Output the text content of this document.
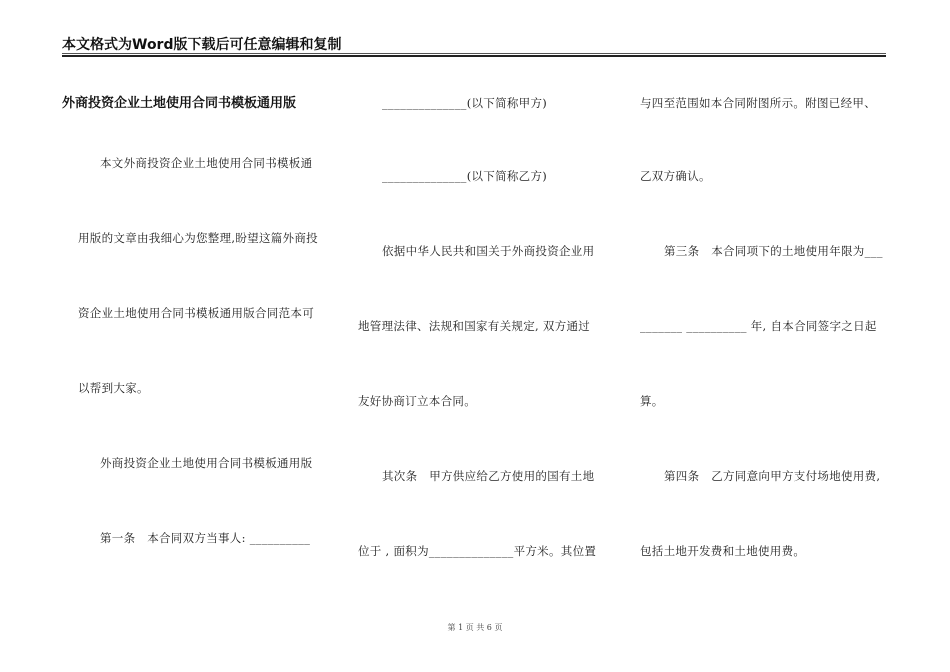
本文格式为Word版下载后可任意编辑和复制
外商投资企业土地使用合同书模板通用版
本文外商投资企业土地使用合同书模板通
用版的文章由我细心为您整理,盼望这篇外商投
资企业土地使用合同书模板通用版合同范本可
以帮到大家。
外商投资企业土地使用合同书模板通用版
第一条　本合同双方当事人: __________
______________(以下简称甲方)
______________(以下简称乙方)
依据中华人民共和国关于外商投资企业用
地管理法律、法规和国家有关规定, 双方通过
友好协商订立本合同。
其次条　甲方供应给乙方使用的国有土地
位于 , 面积为______________平方米。其位置
与四至范围如本合同附图所示。附图已经甲、
乙双方确认。
第三条　本合同项下的土地使用年限为___
_______ __________ 年, 自本合同签字之日起
算。
第四条　乙方同意向甲方支付场地使用费,
包括土地开发费和土地使用费。
第 1 页 共 6 页
